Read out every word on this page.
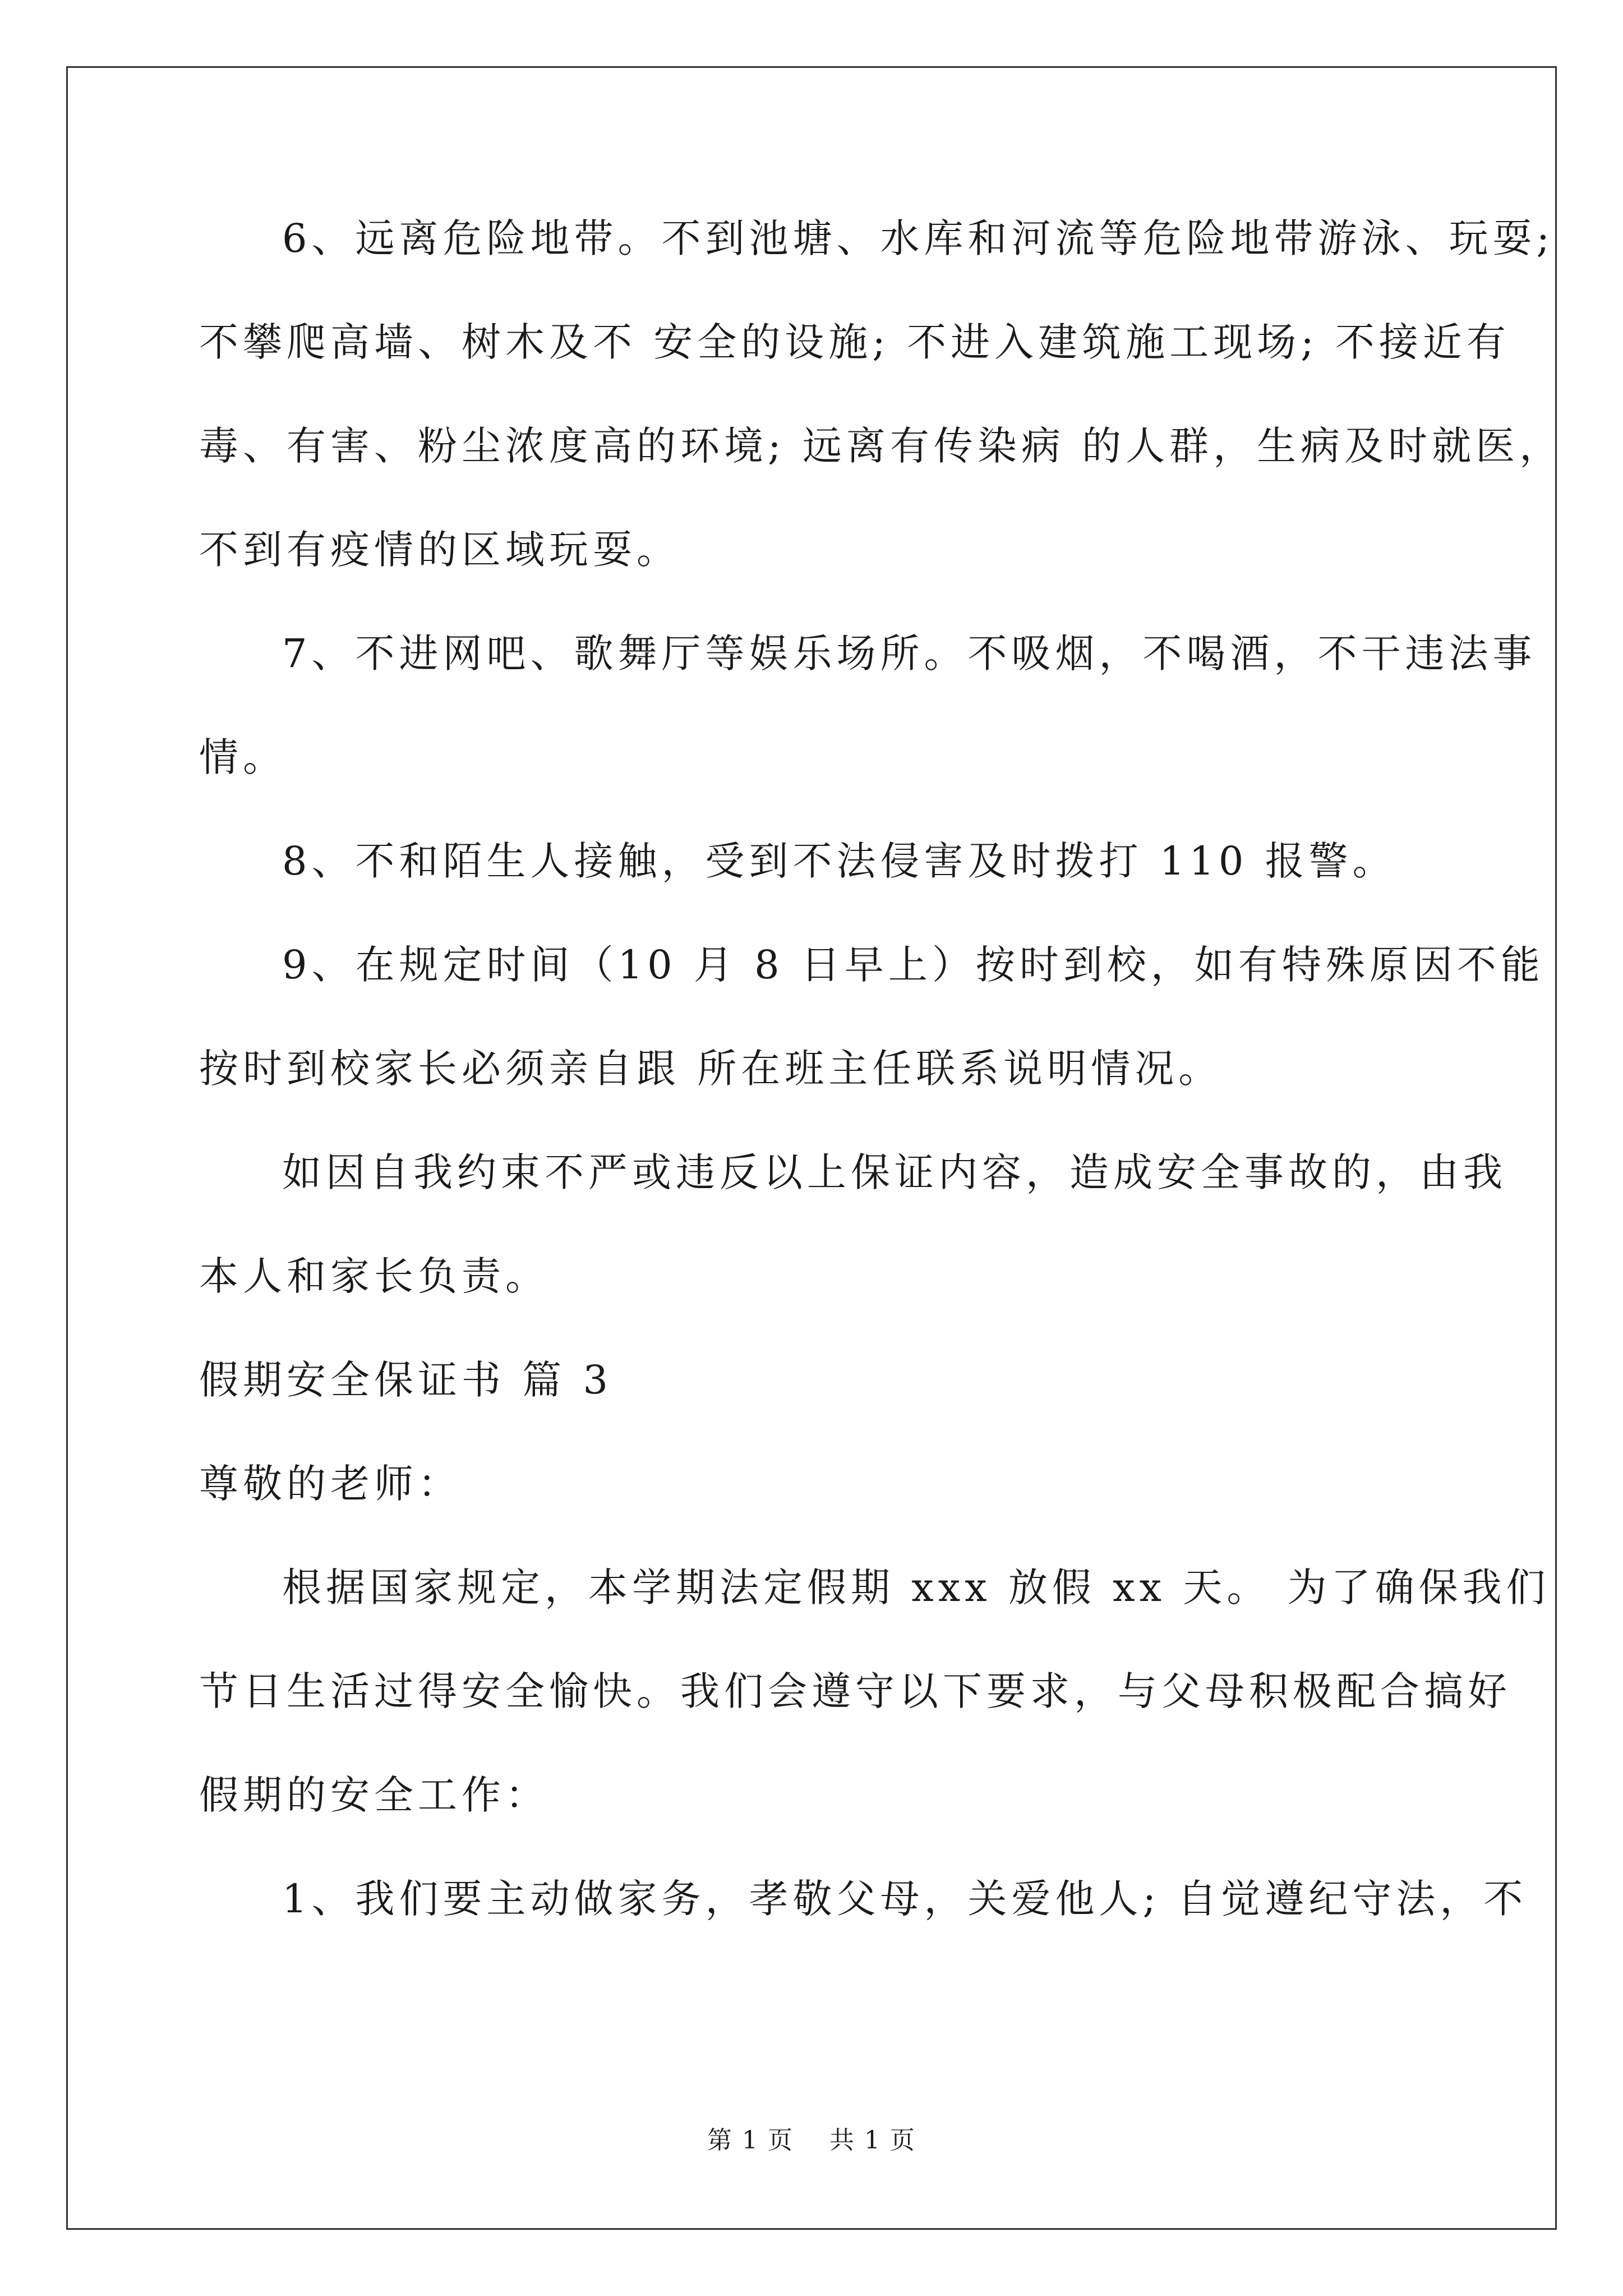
6、远离危险地带。不到池塘、水库和河流等危险地带游泳、玩耍;
不攀爬高墙、树木及不 安全的设施; 不进入建筑施工现场; 不接近有
毒、有害、粉尘浓度高的环境; 远离有传染病 的人群，生病及时就医，
不到有疫情的区域玩耍。
7、不进网吧、歌舞厅等娱乐场所。不吸烟，不喝酒，不干违法事
情。
8、不和陌生人接触，受到不法侵害及时拨打 110 报警。
9、在规定时间（10 月 8 日早上）按时到校，如有特殊原因不能
按时到校家长必须亲自跟 所在班主任联系说明情况。
如因自我约束不严或违反以上保证内容，造成安全事故的，由我
本人和家长负责。
假期安全保证书 篇 3
尊敬的老师：
根据国家规定，本学期法定假期 xxx 放假 xx 天。 为了确保我们
节日生活过得安全愉快。我们会遵守以下要求，与父母积极配合搞好
假期的安全工作：
1、我们要主动做家务，孝敬父母，关爱他人; 自觉遵纪守法，不
第 1 页    共 1 页
